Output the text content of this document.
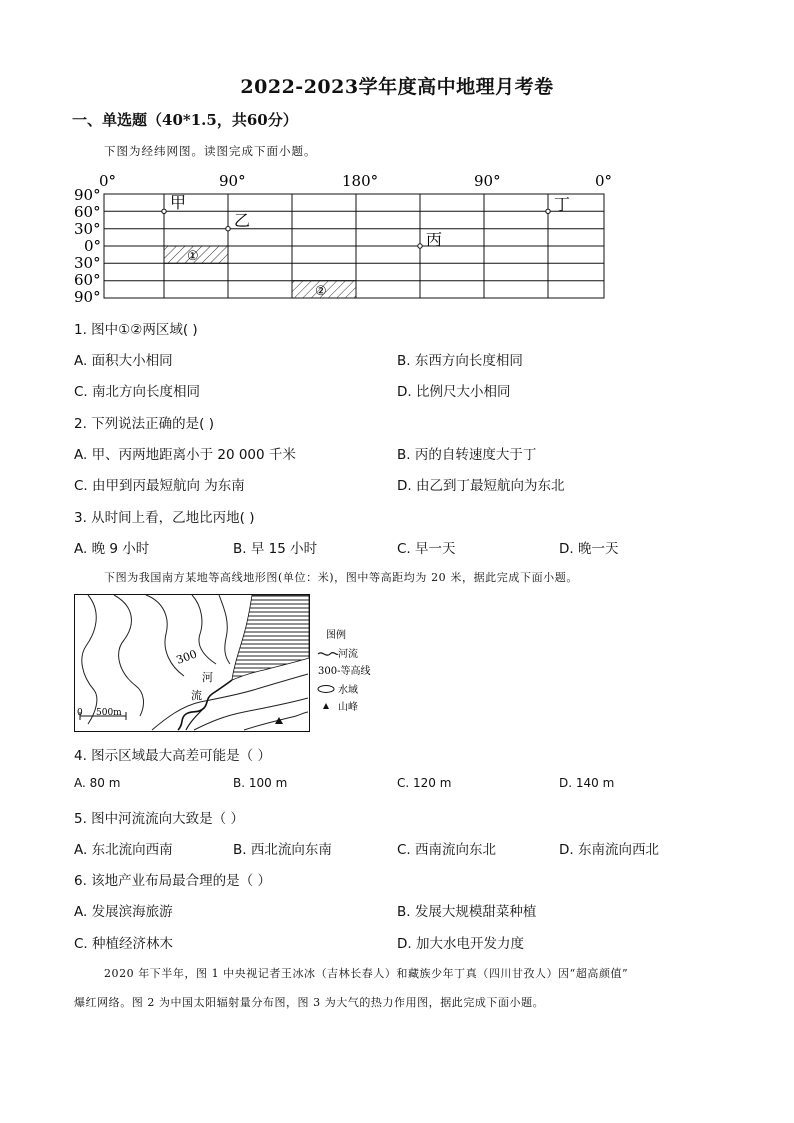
2022-2023学年度高中地理月考卷
一、单选题（40*1.5，共60分）
下图为经纬网图。读图完成下面小题。
0°	90°	180°	90°	0°
90°
60°
30°
0°
30°
60°
90°
①
②
甲
乙
丙
丁
1. 图中①②两区域( )
A. 面积大小相同	B. 东西方向长度相同
C. 南北方向长度相同	D. 比例尺大小相同
2. 下列说法正确的是( )
A. 甲、丙两地距离小于 20 000 千米	B. 丙的自转速度大于丁
C. 由甲到丙最短航向 为东南	D. 由乙到丁最短航向为东北
3. 从时间上看，乙地比丙地( )
A. 晚 9 小时	B. 早 15 小时	C. 早一天	D. 晚一天
下图为我国南方某地等高线地形图(单位：米)，图中等高距均为 20 米，据此完成下面小题。
300
河
流
0 500m
图例
河流
300-等高线
水域
山峰
4. 图示区域最大高差可能是（ ）
A. 80 m	B. 100 m	C. 120 m	D. 140 m
5. 图中河流流向大致是（ ）
A. 东北流向西南	B. 西北流向东南	C. 西南流向东北	D. 东南流向西北
6. 该地产业布局最合理的是（ ）
A. 发展滨海旅游	B. 发展大规模甜菜种植
C. 种植经济林木	D. 加大水电开发力度
2020 年下半年，图 1 中央视记者王冰冰（吉林长春人）和藏族少年丁真（四川甘孜人）因“超高颜值”
爆红网络。图 2 为中国太阳辐射量分布图，图 3 为大气的热力作用图，据此完成下面小题。
